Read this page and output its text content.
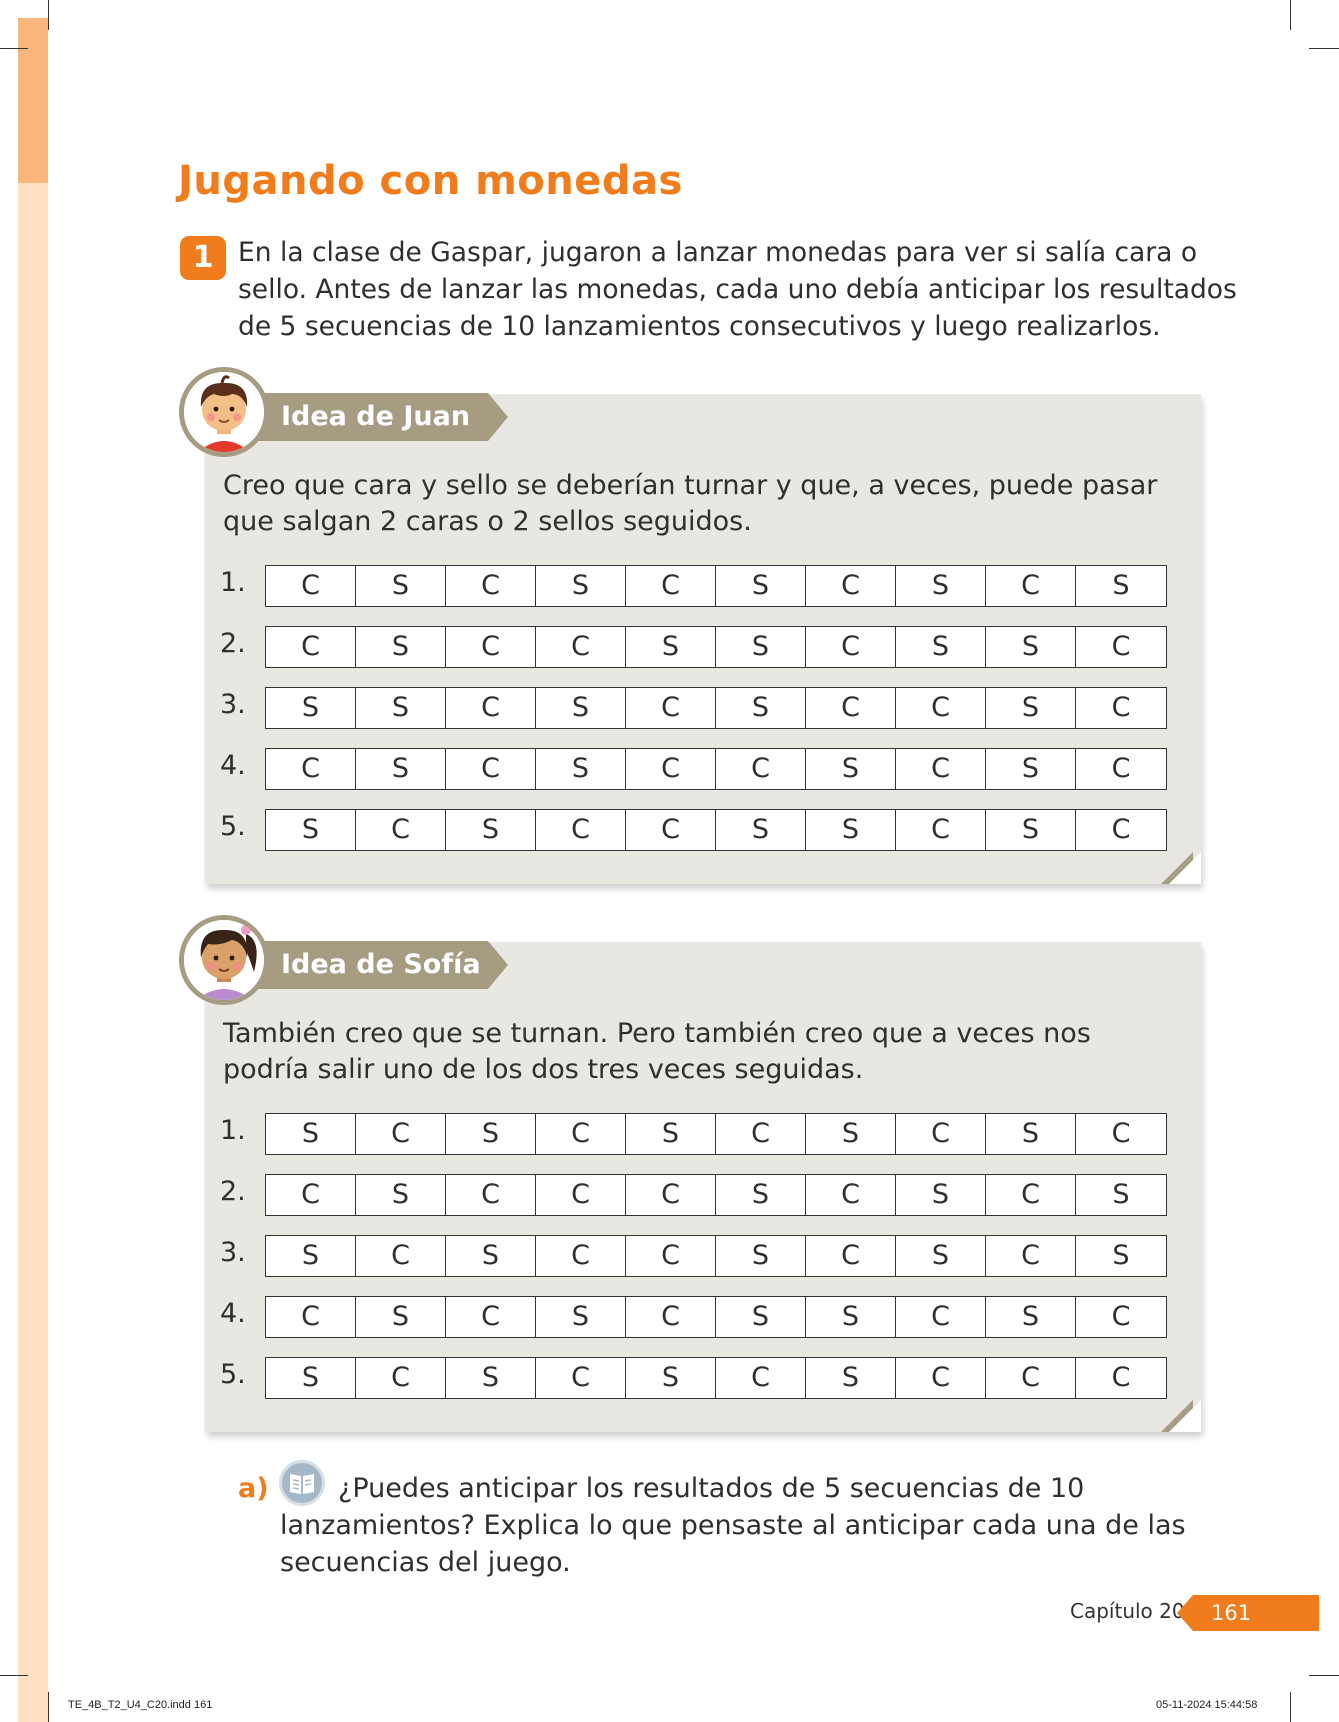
Jugando con monedas
1 En la clase de Gaspar, jugaron a lanzar monedas para ver si salía cara o sello. Antes de lanzar las monedas, cada uno debía anticipar los resultados de 5 secuencias de 10 lanzamientos consecutivos y luego realizarlos.
Idea de Juan
Creo que cara y sello se deberían turnar y que, a veces, puede pasar que salgan 2 caras o 2 sellos seguidos.
1.	C	S	C	S	C	S	C	S	C	S
2.	C	S	C	C	S	S	C	S	S	C
3.	S	S	C	S	C	S	C	C	S	C
4.	C	S	C	S	C	C	S	C	S	C
5.	S	C	S	C	C	S	S	C	S	C
Idea de Sofía
También creo que se turnan. Pero también creo que a veces nos podría salir uno de los dos tres veces seguidas.
1.	S	C	S	C	S	C	S	C	S	C
2.	C	S	C	C	C	S	C	S	C	S
3.	S	C	S	C	C	S	C	S	C	S
4.	C	S	C	S	C	S	S	C	S	C
5.	S	C	S	C	S	C	S	C	C	C
a)	¿Puedes anticipar los resultados de 5 secuencias de 10 lanzamientos? Explica lo que pensaste al anticipar cada una de las secuencias del juego.
Capítulo 20	161
TE_4B_T2_U4_C20.indd 161	05-11-2024 15:44:58
